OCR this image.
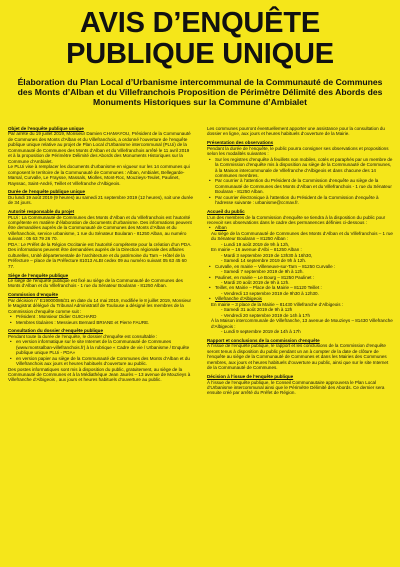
AVIS D’ENQUÊTE PUBLIQUE UNIQUE
Élaboration du Plan Local d’Urbanisme intercommunal de la Communauté de Communes des Monts d’Alban et du Villefranchois Proposition de Périmètre Délimité des Abords des Monuments Historiques sur la Commune d’Ambialet

Objet de l’enquête publique unique

Par arrêté du 19 juillet 2019, Monsieur Damien CHAMAYOU, Président de la Communauté de Communes des Monts d’Alban et du Villefranchois, a ordonné l’ouverture de l’enquête publique unique relative au projet de Plan Local d’Urbanisme intercommunal (PLUi) de la Communauté de Communes des Monts d’Alban et du Villefranchois arrêté le 11 avril 2019 et à la proposition de Périmètre Délimité des Abords des Monuments Historiques sur la Commune d’Ambialet.

Le PLUi vise à remplacer les documents d’urbanisme en vigueur sur les 14 communes qui composent le territoire de la Communauté de Communes : Alban, Ambialet, Bellegarde-Marsal, Curvalle, Le Fraysse, Massals, Miolles, Mont-Roc, Mouzieys-Teulet, Paulinet, Rayssac, Saint-André, Teillet et Villefranche d’Albigeois.

Durée de l’enquête publique unique

Du lundi 19 août 2019 (9 heures) au samedi 21 septembre 2019 (12 heures), soit une durée de 34 jours.

Autorité responsable du projet

PLUi : La Communauté de Communes des Monts d’Alban et du Villefranchois est l’autorité compétente en matière d’élaboration de documents d’urbanisme. Des informations peuvent être demandées auprès de la Communauté de Communes des Monts d’Alban et du Villefranchois, service urbanisme, 1 rue du Sénateur Boularan - 81250 Alban, au numéro suivant : 05 63 79 26 70.

PDA : Le Préfet de la Région Occitanie est l’autorité compétente pour la création d’un PDA. Des informations peuvent être demandées auprès de la Direction régionale des affaires culturelles, Unité départementale de l’architecture et du patrimoine du Tarn – Hôtel de la Préfecture – place de la Préfecture 81013 ALBI cedex 09 au numéro suivant 05 63 45 60 77.

Siège de l’enquête publique

Le siège de l’enquête publique est fixé au siège de la Communauté de Communes des Monts d’Alban et du Villefranchois - 1 rue du Sénateur Boularan - 81250 Alban.

Commission d’enquête

Par décision n° E19000086/31 en date du 14 mai 2019, modifiée le 8 juillet 2019, Monsieur le Magistrat délégué du Tribunal Administratif de Toulouse a désigné les membres de la Commission d’enquête comme suit :

• Président : Monsieur Didier GUICHARD
• Membres titulaires : Messieurs Bernard BRIANE et Pierre FAURE.

Consultation du dossier d’enquête publique

Pendant toute la durée de l’enquête, le dossier d’enquête est consultable :

• en version informatique sur le site Internet de la Communauté de Communes (www.montsalban-villefranchois.fr) à la rubrique « Cadre de vie / Urbanisme / Enquête publique unique PLUi - PDA»
• en version papier au siège de la Communauté de Communes des Monts d’Alban et du Villefranchois aux jours et heures habituels d’ouverture au public.

Des postes informatiques sont mis à disposition du public, gratuitement, au siège de la Communauté de Communes et à la Médiathèque Jean Jaurès – 13 avenue de Mouzieys à Villefranche d’Albigeois , aux jours et heures habituels d’ouverture au public.

Les communes pourront éventuellement apporter une assistance pour la consultation du dossier en ligne, aux jours et heures habituels d’ouverture de la Mairie.

Présentation des observations

Pendant la durée de l’enquête, le public pourra consigner ses observations et propositions selon les modalités suivantes :

• Sur les registres d’enquête à feuillets non mobiles, cotés et paraphés par un membre de la Commission d’enquête mis à disposition au siège de la Communauté de Communes, à la Maison intercommunale de Villefranche d’Albigeois et dans chacune des 14 communes membres.
• Par courrier à l’attention du Président de la Commission d’enquête au siège de la Communauté de Communes des Monts d’Alban et du Villefranchois - 1 rue du Sénateur Boularan - 81250 Alban.
• Par courrier électronique à l’attention du Président de la Commission d’enquête à l’adresse suivante : urbanisme@ccmav.fr.

Accueil du public

L’un des membres de la Commission d’enquête se tiendra à la disposition du public pour recevoir ses observations dans le cadre des permanences définies ci-dessous :

• Alban

Au siège de la Communauté de Communes des Monts d’Alban et du Villefranchois – 1 rue du Sénateur Boularan – 81250 Alban :

- Lundi 19 août 2019 de 9h à 12h,

En mairie – 16 avenue d’Albi – 81250 Alban :

- Mardi 3 septembre 2019 de 13h30 à 16h30,

- Samedi 14 septembre 2019 de 9h à 12h.

• Curvalle, en mairie – Villeneuve-sur-Tarn – 81250 Curvalle :

- Samedi 7 septembre 2019 de 9h à 12h.

• Paulinet, en mairie – Le Bourg – 81250 Paulinet :

- Mardi 20 août 2019 de 9h à 12h.

• Teillet, en Mairie – Place de la Mairie – 81120 Teillet :

- Vendredi 13 septembre 2019 de 9h30 à 12h30.

• Villefranche d’Albigeois

En mairie – 3 place de la Mairie – 81430 Villefranche d’Albigeois :

- Samedi 31 août 2019 de 9h à 12h

- Vendredi 20 septembre 2019 de 14h à 17h

À la Maison intercommunale de Villefranche, 13 avenue de Mouzieys – 81430 Villefranche d’Albigeois :

- Lundi 9 septembre 2019 de 14h à 17h

Rapport et conclusions de la commission d’enquête

À l’issue de l’enquête publique, le rapport et les conclusions de la Commission d’enquête seront tenus à disposition du public pendant un an à compter de la date de clôture de l’enquête au siège de la Communauté de Communes et dans les Mairies des Communes membres, aux jours et heures habituels d’ouverture au public, ainsi que sur le site Internet de la Communauté de Communes.

Décision à l’issue de l’enquête publique

À l’issue de l’enquête publique, le Conseil Communautaire approuvera le Plan Local d’Urbanisme intercommunal ainsi que le Périmètre Délimité des Abords. Ce dernier sera ensuite créé par arrêté du Préfet de Région.
